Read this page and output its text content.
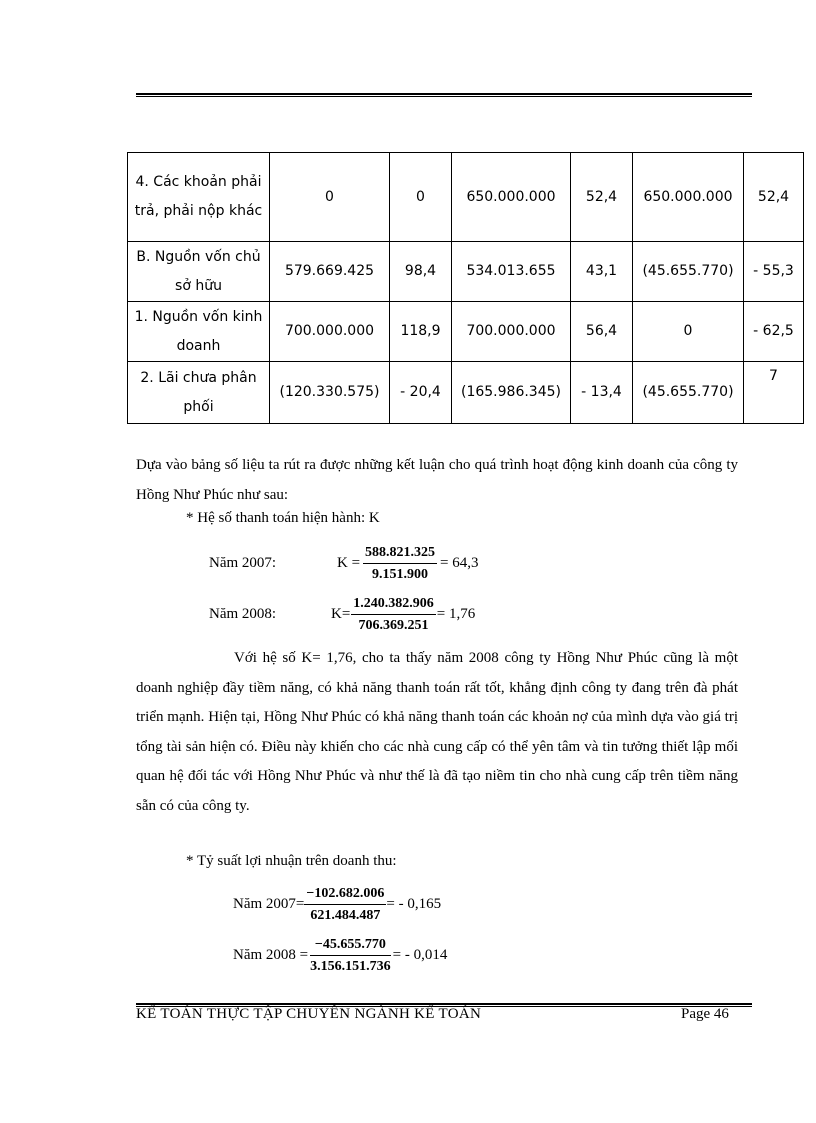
4. Các khoản phải trả, phải nộp khác	0	0	650.000.000	52,4	650.000.000	52,4
B. Nguồn vốn chủ sở hữu	579.669.425	98,4	534.013.655	43,1	(45.655.770)	- 55,3
1. Nguồn vốn kinh doanh	700.000.000	118,9	700.000.000	56,4	0	- 62,5
2. Lãi chưa phân phối	(120.330.575)	- 20,4	(165.986.345)	- 13,4	(45.655.770)	7
Dựa vào bảng số liệu ta rút ra được những kết luận cho quá trình hoạt động kinh doanh của công ty Hồng Như Phúc như sau:
* Hệ số thanh toán hiện hành: K
Năm 2007:	$K = \frac{588.821.325}{9.151.900} = 64,3$
Năm 2008:	$K= \frac{1.240.382.906}{706.369.251} = 1,76$
Với hệ số K= 1,76, cho ta thấy năm 2008 công ty Hồng Như Phúc cũng là một doanh nghiệp đầy tiềm năng, có khả năng thanh toán rất tốt, khẳng định công ty đang trên đà phát triển mạnh. Hiện tại, Hồng Như Phúc có khả năng thanh toán các khoản nợ của mình dựa vào giá trị tổng tài sản hiện có. Điều này khiến cho các nhà cung cấp có thể yên tâm và tin tưởng thiết lập mối quan hệ đối tác với Hồng Như Phúc và như thế là đã tạo niềm tin cho nhà cung cấp trên tiềm năng sẵn có của công ty.
* Tỷ suất lợi nhuận trên doanh thu:
Năm $2007= \frac{-102.682.006}{621.484.487}$ = - 0,165
Năm $2008 = \frac{-45.655.770}{3.156.151.736}$ = - 0,014
KẾ TOÁN THỰC TẬP CHUYÊN NGÀNH KẾ TOÁN	Page 46
